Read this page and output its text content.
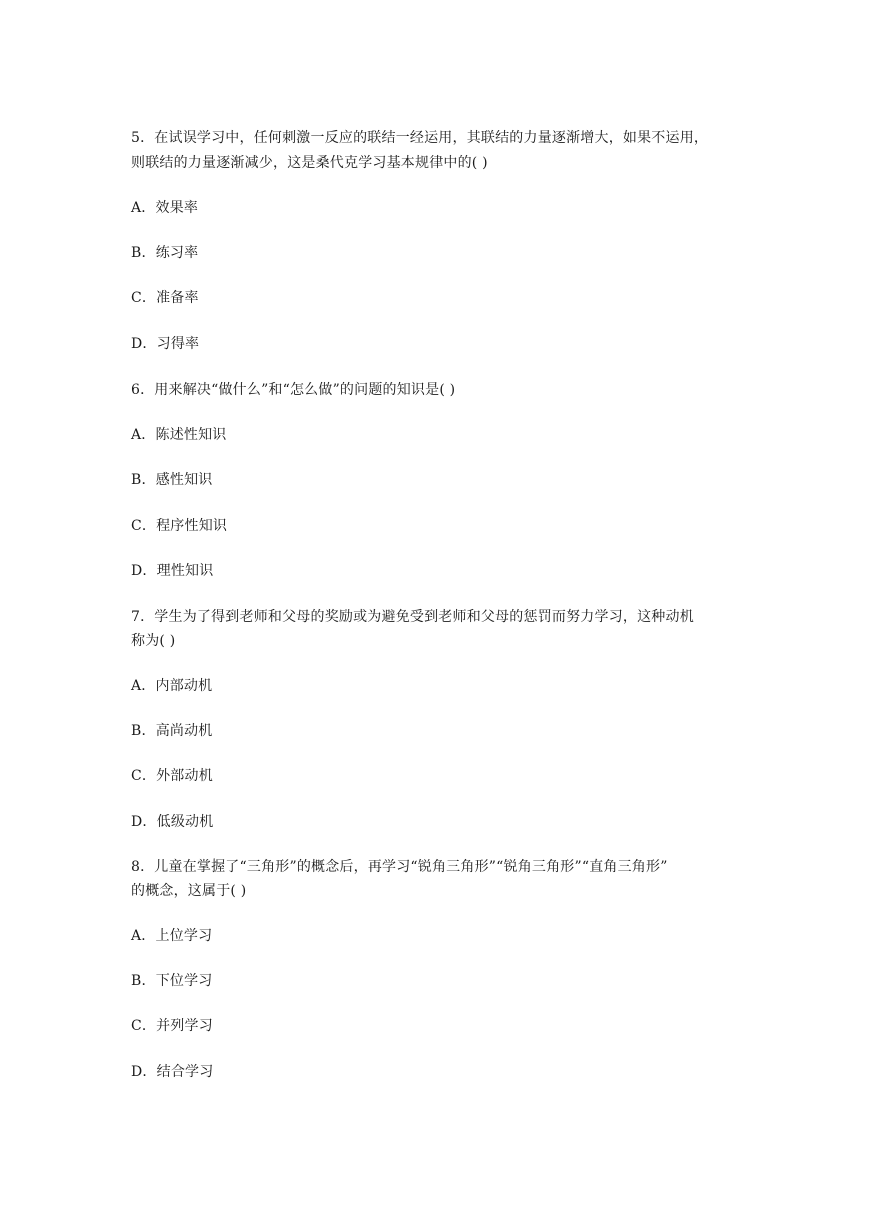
5．在试误学习中，任何刺激一反应的联结一经运用，其联结的力量逐渐增大，如果不运用，
则联结的力量逐渐减少，这是桑代克学习基本规律中的( )
A．效果率
B．练习率
C．准备率
D．习得率
6．用来解决“做什么”和“怎么做”的问题的知识是( )
A．陈述性知识
B．感性知识
C．程序性知识
D．理性知识
7．学生为了得到老师和父母的奖励或为避免受到老师和父母的惩罚而努力学习，这种动机
称为( )
A．内部动机
B．高尚动机
C．外部动机
D．低级动机
8．儿童在掌握了“三角形”的概念后，再学习“锐角三角形”“锐角三角形”“直角三角形”
的概念，这属于( )
A．上位学习
B．下位学习
C．并列学习
D．结合学习
